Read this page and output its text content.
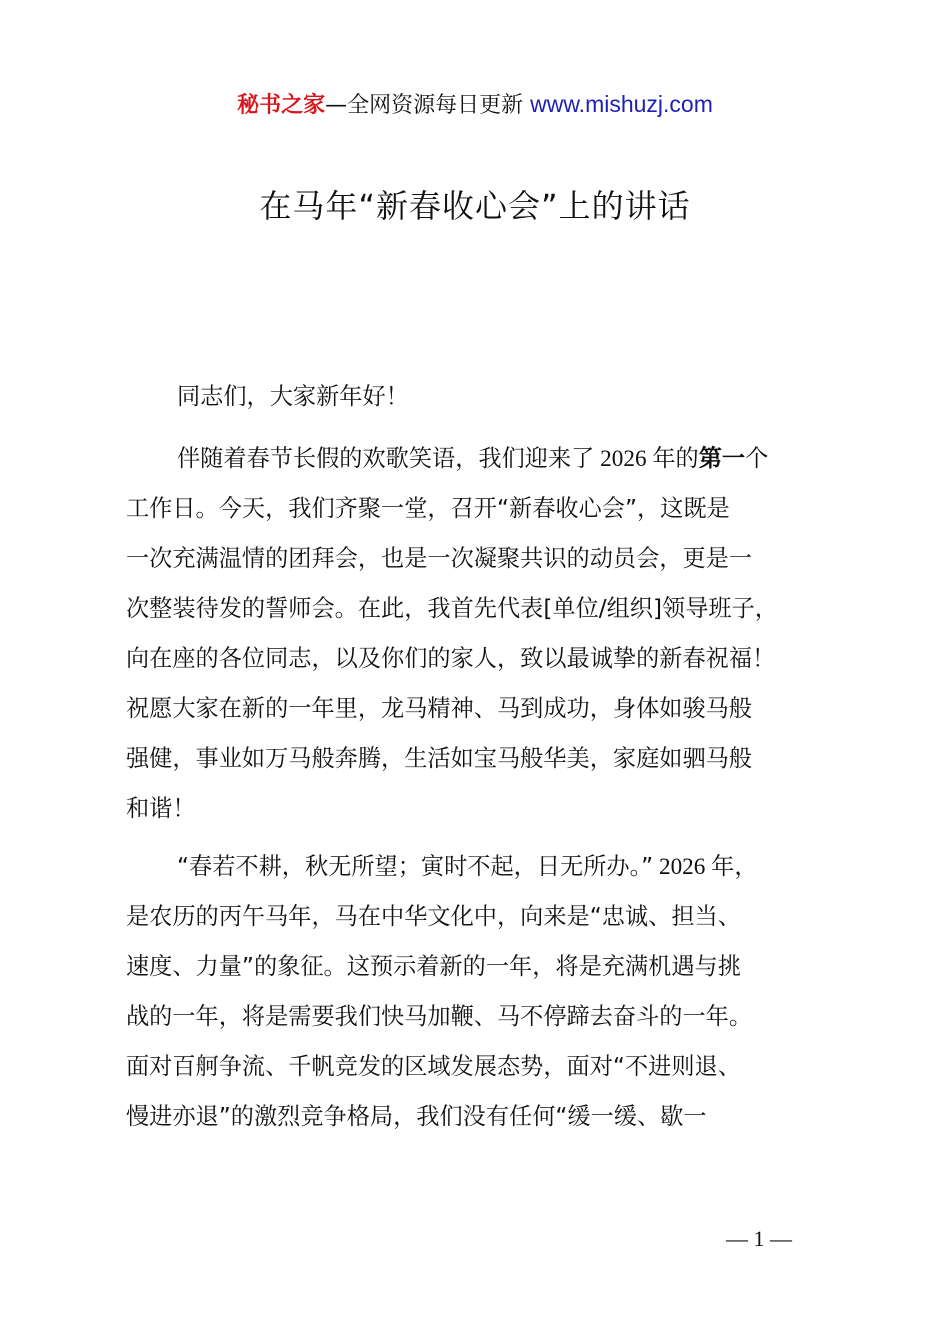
秘书之家—全网资源每日更新 www.mishuzj.com
在马年“新春收心会”上的讲话

同志们，大家新年好！

伴随着春节长假的欢歌笑语，我们迎来了 2026 年的第一个
工作日。今天，我们齐聚一堂，召开“新春收心会”，这既是
一次充满温情的团拜会，也是一次凝聚共识的动员会，更是一
次整装待发的誓师会。在此，我首先代表[单位/组织]领导班子，
向在座的各位同志，以及你们的家人，致以最诚挚的新春祝福！
祝愿大家在新的一年里，龙马精神、马到成功，身体如骏马般
强健，事业如万马般奔腾，生活如宝马般华美，家庭如驷马般
和谐！

“春若不耕，秋无所望；寅时不起，日无所办。” 2026 年，
是农历的丙午马年，马在中华文化中，向来是“忠诚、担当、
速度、力量”的象征。这预示着新的一年，将是充满机遇与挑
战的一年，将是需要我们快马加鞭、马不停蹄去奋斗的一年。
面对百舸争流、千帆竞发的区域发展态势，面对“不进则退、
慢进亦退”的激烈竞争格局，我们没有任何“缓一缓、歇一

— 1 —
